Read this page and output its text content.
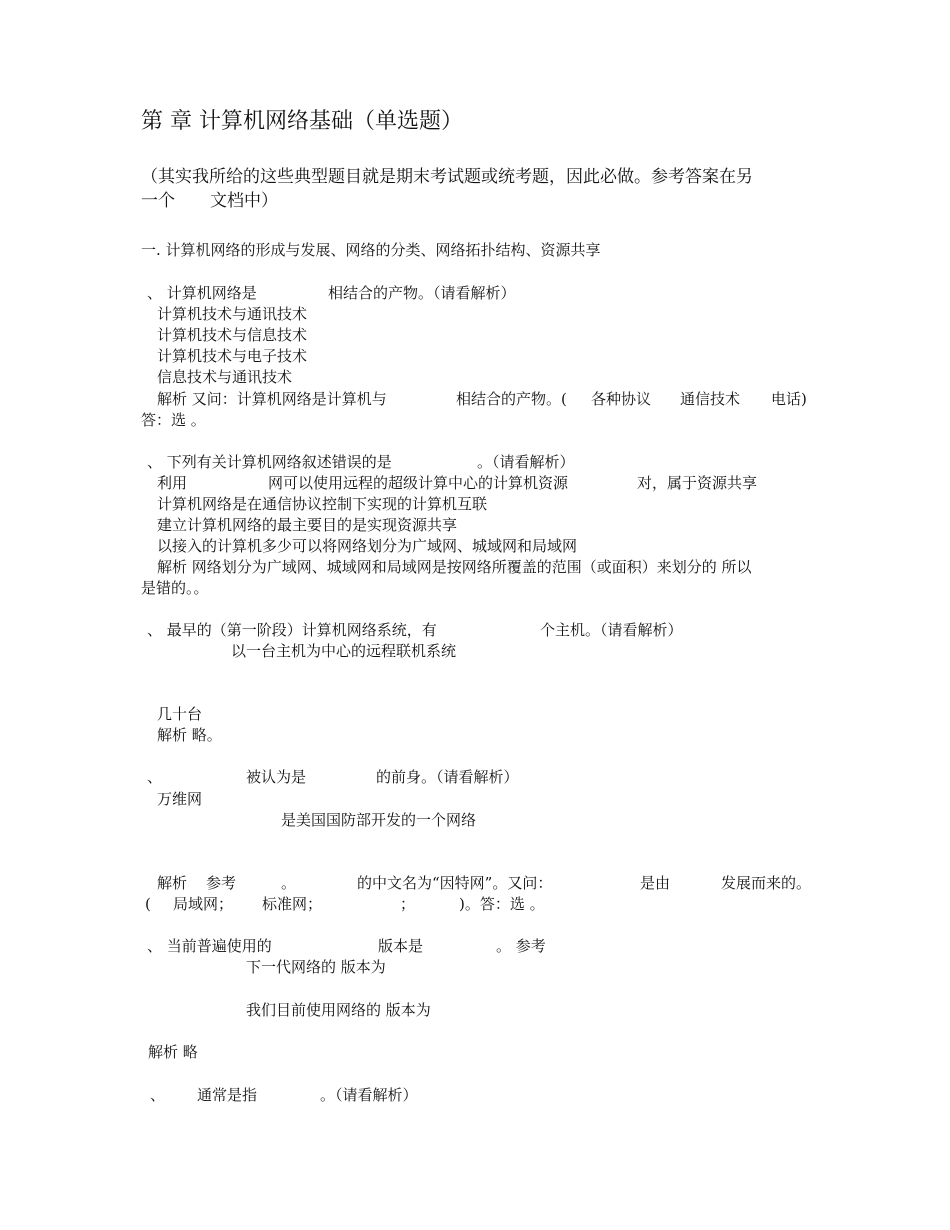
第 章 计算机网络基础（单选题）
（其实我所给的这些典型题目就是期末考试题或统考题，因此必做。参考答案在另
一个 文档中）
一. 计算机网络的形成与发展、网络的分类、网络拓扑结构、资源共享
、 计算机网络是	相结合的产物。（请看解析）
计算机技术与通讯技术
计算机技术与信息技术
计算机技术与电子技术
信息技术与通讯技术
解析 又问：计算机网络是计算机与	相结合的产物。( 各种协议 通信技术 电话)
答：选 。
、 下列有关计算机网络叙述错误的是	。（请看解析）
利用	网可以使用远程的超级计算中心的计算机资源	对，属于资源共享
计算机网络是在通信协议控制下实现的计算机互联
建立计算机网络的最主要目的是实现资源共享
以接入的计算机多少可以将网络划分为广域网、城域网和局域网
解析 网络划分为广域网、城域网和局域网是按网络所覆盖的范围（或面积）来划分的 所以
是错的。。
、 最早的（第一阶段）计算机网络系统，有	个主机。（请看解析）
以一台主机为中心的远程联机系统
几十台
解析 略。
、	被认为是	的前身。（请看解析）
万维网
是美国国防部开发的一个网络
解析 参考	。	的中文名为“因特网”。又问：	是由	发展而来的。
( 局域网； 标准网；	；	)。答：选 。
、 当前普遍使用的	版本是	。 参考
下一代网络的 版本为
我们目前使用网络的 版本为
解析 略
、 通常是指	。（请看解析）
